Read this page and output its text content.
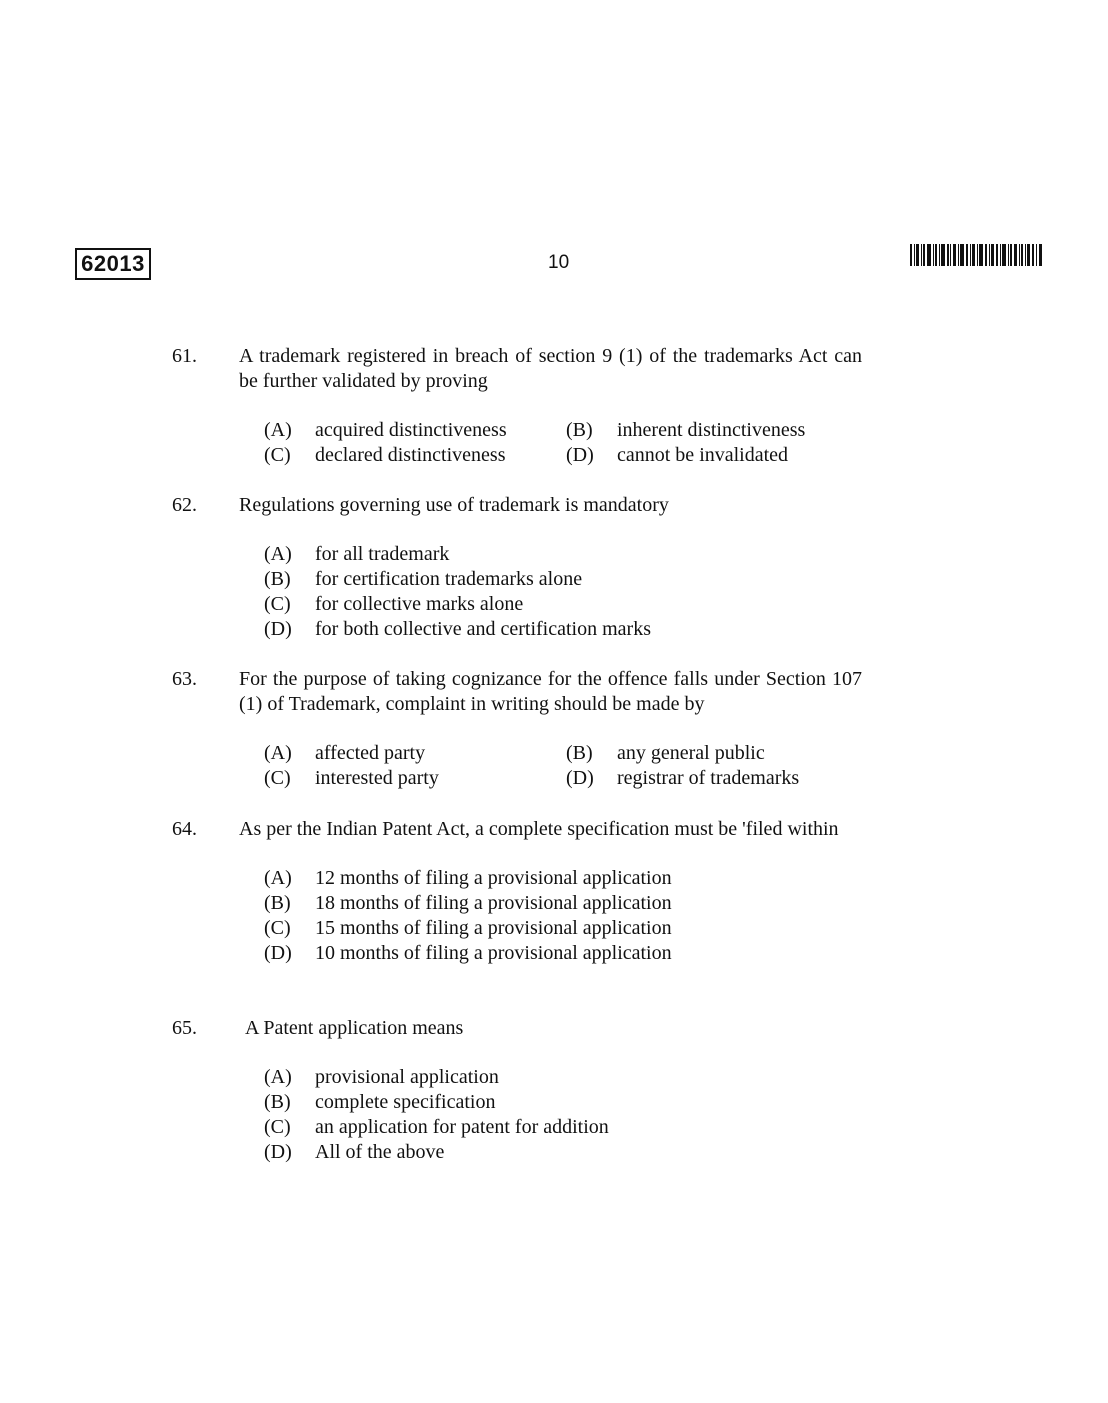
62013	10
61. A trademark registered in breach of section 9 (1) of the trademarks Act can be further validated by proving
(A)	acquired distinctiveness	(B)	inherent distinctiveness
(C)	declared distinctiveness	(D)	cannot be invalidated
62. Regulations governing use of trademark is mandatory
(A)	for all trademark
(B)	for certification trademarks alone
(C)	for collective marks alone
(D)	for both collective and certification marks
63. For the purpose of taking cognizance for the offence falls under Section 107 (1) of Trademark, complaint in writing should be made by
(A)	affected party	(B)	any general public
(C)	interested party	(D)	registrar of trademarks
64. As per the Indian Patent Act, a complete specification must be 'filed within
(A)	12 months of filing a provisional application
(B)	18 months of filing a provisional application
(C)	15 months of filing a provisional application
(D)	10 months of filing a provisional application
65. A Patent application means
(A)	provisional application
(B)	complete specification
(C)	an application for patent for addition
(D)	All of the above
